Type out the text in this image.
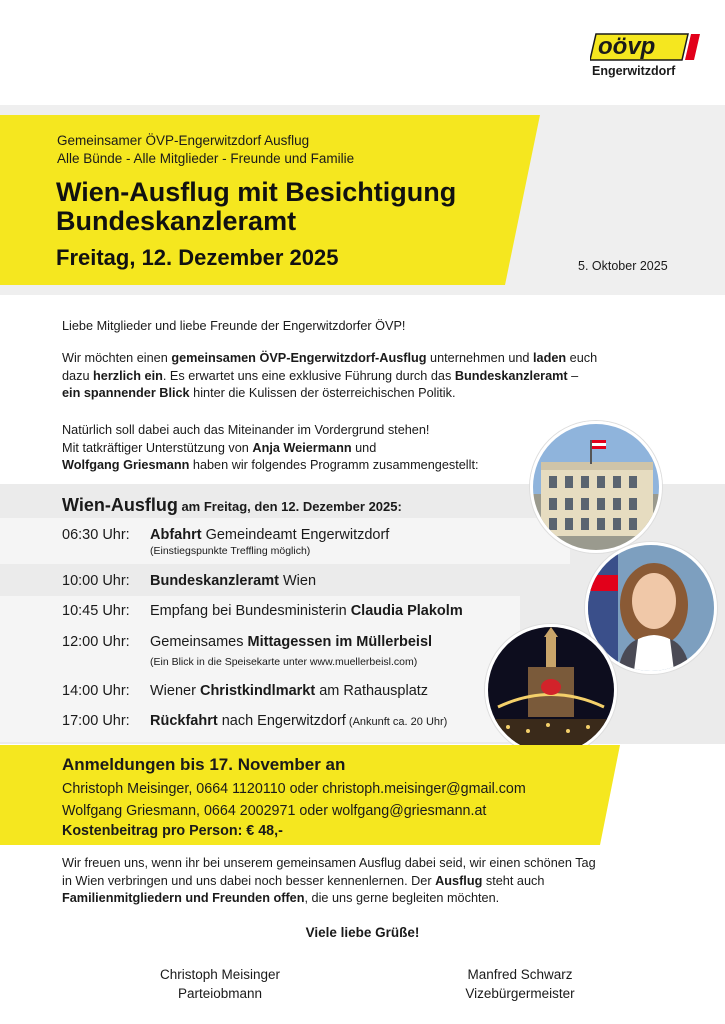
oövp
Engerwitzdorf
Gemeinsamer ÖVP-Engerwitzdorf Ausflug
Alle Bünde - Alle Mitglieder - Freunde und Familie
Wien-Ausflug mit Besichtigung
Bundeskanzleramt
Freitag, 12. Dezember 2025	5. Oktober 2025
Liebe Mitglieder und liebe Freunde der Engerwitzdorfer ÖVP!
Wir möchten einen gemeinsamen ÖVP-Engerwitzdorf-Ausflug unternehmen und laden euch
dazu herzlich ein. Es erwartet uns eine exklusive Führung durch das Bundeskanzleramt –
ein spannender Blick hinter die Kulissen der österreichischen Politik.
Natürlich soll dabei auch das Miteinander im Vordergrund stehen!
Mit tatkräftiger Unterstützung von Anja Weiermann und
Wolfgang Griesmann haben wir folgendes Programm zusammengestellt:
Wien-Ausflug am Freitag, den 12. Dezember 2025:
06:30 Uhr: Abfahrt Gemeindeamt Engerwitzdorf
(Einstiegspunkte Treffling möglich)
10:00 Uhr: Bundeskanzleramt Wien
10:45 Uhr: Empfang bei Bundesministerin Claudia Plakolm
12:00 Uhr: Gemeinsames Mittagessen im Müllerbeisl
(Ein Blick in die Speisekarte unter www.muellerbeisl.com)
14:00 Uhr: Wiener Christkindlmarkt am Rathausplatz
17:00 Uhr: Rückfahrt nach Engerwitzdorf (Ankunft ca. 20 Uhr)
Anmeldungen bis 17. November an
Christoph Meisinger, 0664 1120110 oder christoph.meisinger@gmail.com
Wolfgang Griesmann, 0664 2002971 oder wolfgang@griesmann.at
Kostenbeitrag pro Person: € 48,-
Wir freuen uns, wenn ihr bei unserem gemeinsamen Ausflug dabei seid, wir einen schönen Tag
in Wien verbringen und uns dabei noch besser kennenlernen. Der Ausflug steht auch
Familienmitgliedern und Freunden offen, die uns gerne begleiten möchten.
Viele liebe Grüße!
Christoph Meisinger
Parteiobmann
Manfred Schwarz
Vizebürgermeister
